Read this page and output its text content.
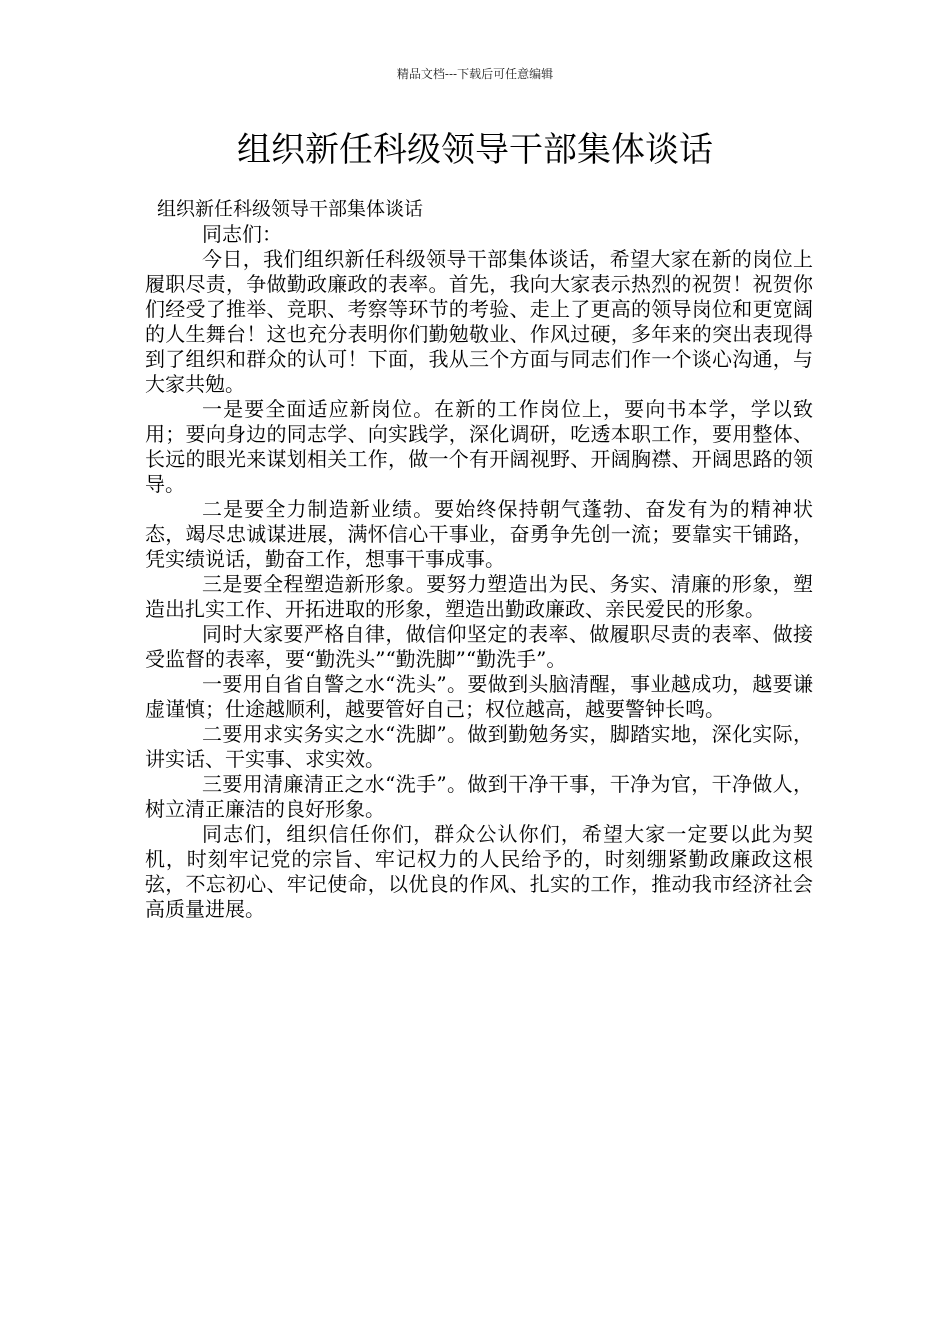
精品文档---下载后可任意编辑
组织新任科级领导干部集体谈话

组织新任科级领导干部集体谈话

同志们：

今日，我们组织新任科级领导干部集体谈话，希望大家在新的岗位上履职尽责，争做勤政廉政的表率。首先，我向大家表示热烈的祝贺！祝贺你们经受了推举、竞职、考察等环节的考验、走上了更高的领导岗位和更宽阔的人生舞台！这也充分表明你们勤勉敬业、作风过硬，多年来的突出表现得到了组织和群众的认可！下面，我从三个方面与同志们作一个谈心沟通，与大家共勉。

一是要全面适应新岗位。在新的工作岗位上，要向书本学，学以致用；要向身边的同志学、向实践学，深化调研，吃透本职工作，要用整体、长远的眼光来谋划相关工作，做一个有开阔视野、开阔胸襟、开阔思路的领导。

二是要全力制造新业绩。要始终保持朝气蓬勃、奋发有为的精神状态，竭尽忠诚谋进展，满怀信心干事业，奋勇争先创一流；要靠实干铺路，凭实绩说话，勤奋工作，想事干事成事。

三是要全程塑造新形象。要努力塑造出为民、务实、清廉的形象，塑造出扎实工作、开拓进取的形象，塑造出勤政廉政、亲民爱民的形象。

同时大家要严格自律，做信仰坚定的表率、做履职尽责的表率、做接受监督的表率，要“勤洗头”“勤洗脚”“勤洗手”。

一要用自省自警之水“洗头”。要做到头脑清醒，事业越成功，越要谦虚谨慎；仕途越顺利，越要管好自己；权位越高，越要警钟长鸣。

二要用求实务实之水“洗脚”。做到勤勉务实，脚踏实地，深化实际，讲实话、干实事、求实效。

三要用清廉清正之水“洗手”。做到干净干事，干净为官，干净做人，树立清正廉洁的良好形象。

同志们，组织信任你们，群众公认你们，希望大家一定要以此为契机，时刻牢记党的宗旨、牢记权力的人民给予的，时刻绷紧勤政廉政这根弦，不忘初心、牢记使命，以优良的作风、扎实的工作，推动我市经济社会高质量进展。
